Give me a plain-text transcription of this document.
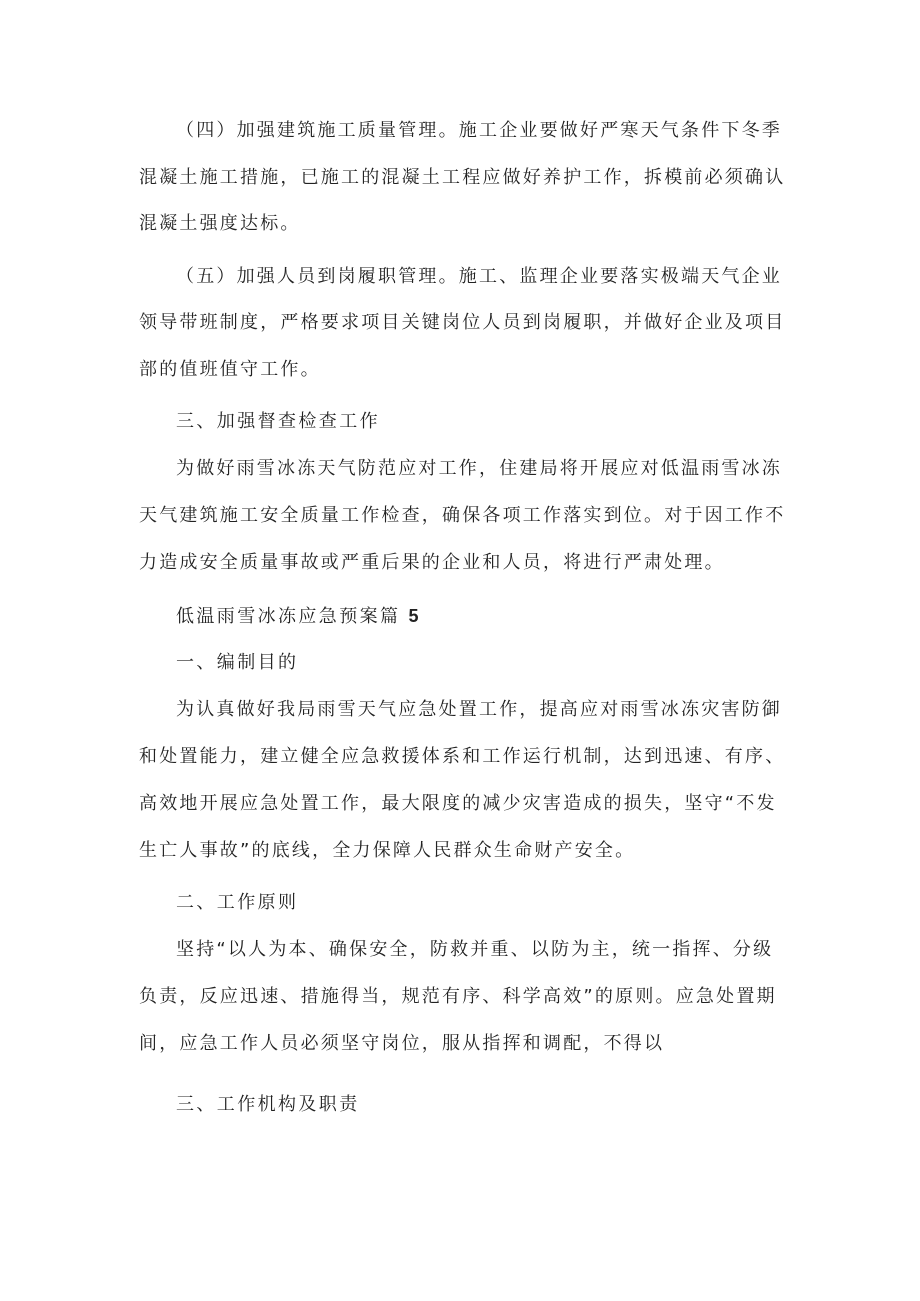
（四）加强建筑施工质量管理。施工企业要做好严寒天气条件下冬季
混凝土施工措施，已施工的混凝土工程应做好养护工作，拆模前必须确认
混凝土强度达标。
（五）加强人员到岗履职管理。施工、监理企业要落实极端天气企业
领导带班制度，严格要求项目关键岗位人员到岗履职，并做好企业及项目
部的值班值守工作。
三、加强督查检查工作
为做好雨雪冰冻天气防范应对工作，住建局将开展应对低温雨雪冰冻
天气建筑施工安全质量工作检查，确保各项工作落实到位。对于因工作不
力造成安全质量事故或严重后果的企业和人员，将进行严肃处理。
低温雨雪冰冻应急预案篇 5
一、编制目的
为认真做好我局雨雪天气应急处置工作，提高应对雨雪冰冻灾害防御
和处置能力，建立健全应急救援体系和工作运行机制，达到迅速、有序、
高效地开展应急处置工作，最大限度的减少灾害造成的损失，坚守“不发
生亡人事故”的底线，全力保障人民群众生命财产安全。
二、工作原则
坚持“以人为本、确保安全，防救并重、以防为主，统一指挥、分级
负责，反应迅速、措施得当，规范有序、科学高效”的原则。应急处置期
间，应急工作人员必须坚守岗位，服从指挥和调配，不得以
三、工作机构及职责
